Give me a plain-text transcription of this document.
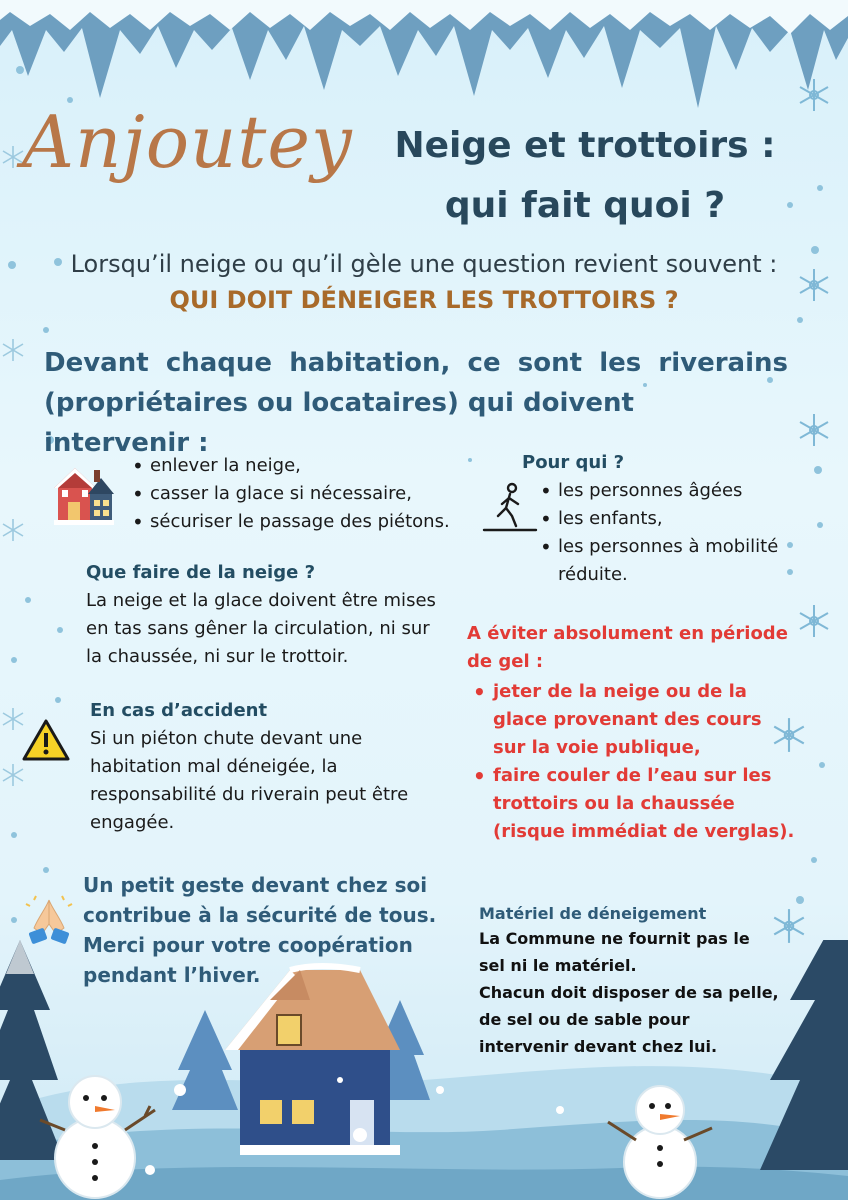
Anjoutey	Neige et trottoirs :
qui fait quoi ?
Lorsqu’il neige ou qu’il gèle une question revient souvent :
QUI DOIT DÉNEIGER LES TROTTOIRS ?
Devant chaque habitation, ce sont les riverains
(propriétaires ou locataires) qui doivent intervenir :
• enlever la neige,
• casser la glace si nécessaire,
• sécuriser le passage des piétons.
Pour qui ?
• les personnes âgées
• les enfants,
• les personnes à mobilité réduite.
Que faire de la neige ?
La neige et la glace doivent être mises en tas sans gêner la circulation, ni sur la chaussée, ni sur le trottoir.
A éviter absolument en période de gel :
• jeter de la neige ou de la glace provenant des cours sur la voie publique,
• faire couler de l’eau sur les trottoirs ou la chaussée (risque immédiat de verglas).
En cas d’accident
Si un piéton chute devant une habitation mal déneigée, la responsabilité du riverain peut être engagée.
Un petit geste devant chez soi
contribue à la sécurité de tous.
Merci pour votre coopération
pendant l’hiver.
Matériel de déneigement
La Commune ne fournit pas le
sel ni le matériel.
Chacun doit disposer de sa pelle,
de sel ou de sable pour
intervenir devant chez lui.
